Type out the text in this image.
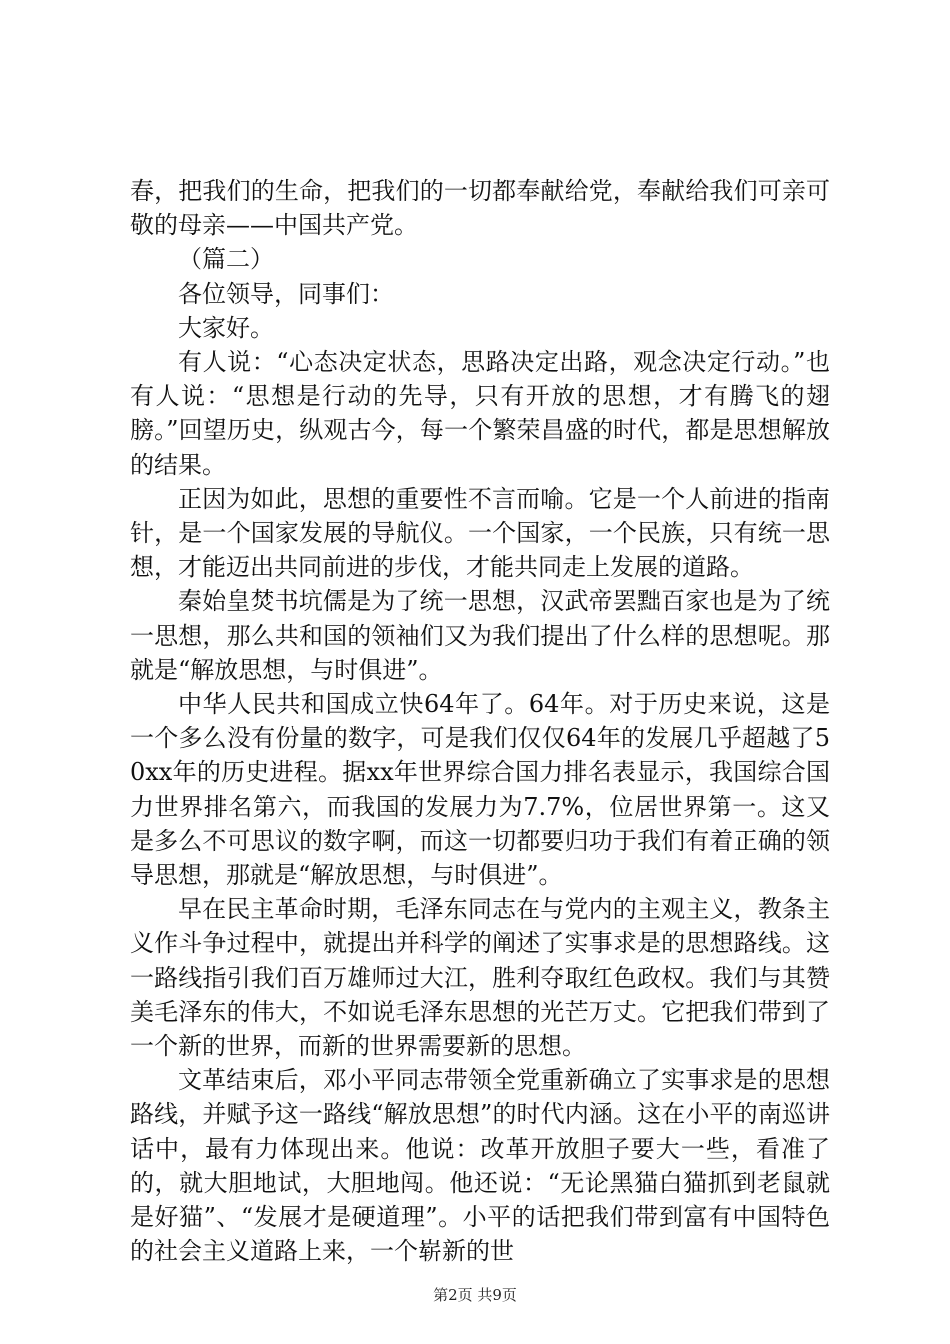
春，把我们的生命，把我们的一切都奉献给党，奉献给我们可亲可敬的母亲——中国共产党。

（篇二）

各位领导，同事们：

大家好。

有人说：“心态决定状态，思路决定出路，观念决定行动。”也有人说：“思想是行动的先导，只有开放的思想，才有腾飞的翅膀。”回望历史，纵观古今，每一个繁荣昌盛的时代，都是思想解放的结果。

正因为如此，思想的重要性不言而喻。它是一个人前进的指南针，是一个国家发展的导航仪。一个国家，一个民族，只有统一思想，才能迈出共同前进的步伐，才能共同走上发展的道路。

秦始皇焚书坑儒是为了统一思想，汉武帝罢黜百家也是为了统一思想，那么共和国的领袖们又为我们提出了什么样的思想呢。那就是“解放思想，与时俱进”。

中华人民共和国成立快64年了。64年。对于历史来说，这是一个多么没有份量的数字，可是我们仅仅64年的发展几乎超越了50xx年的历史进程。据xx年世界综合国力排名表显示，我国综合国力世界排名第六，而我国的发展力为7.7%，位居世界第一。这又是多么不可思议的数字啊，而这一切都要归功于我们有着正确的领导思想，那就是“解放思想，与时俱进”。

早在民主革命时期，毛泽东同志在与党内的主观主义，教条主义作斗争过程中，就提出并科学的阐述了实事求是的思想路线。这一路线指引我们百万雄师过大江，胜利夺取红色政权。我们与其赞美毛泽东的伟大，不如说毛泽东思想的光芒万丈。它把我们带到了一个新的世界，而新的世界需要新的思想。

文革结束后，邓小平同志带领全党重新确立了实事求是的思想路线，并赋予这一路线“解放思想”的时代内涵。这在小平的南巡讲话中，最有力体现出来。他说：改革开放胆子要大一些，看准了的，就大胆地试，大胆地闯。他还说：“无论黑猫白猫抓到老鼠就是好猫”、“发展才是硬道理”。小平的话把我们带到富有中国特色的社会主义道路上来，一个崭新的世

第2页 共9页
